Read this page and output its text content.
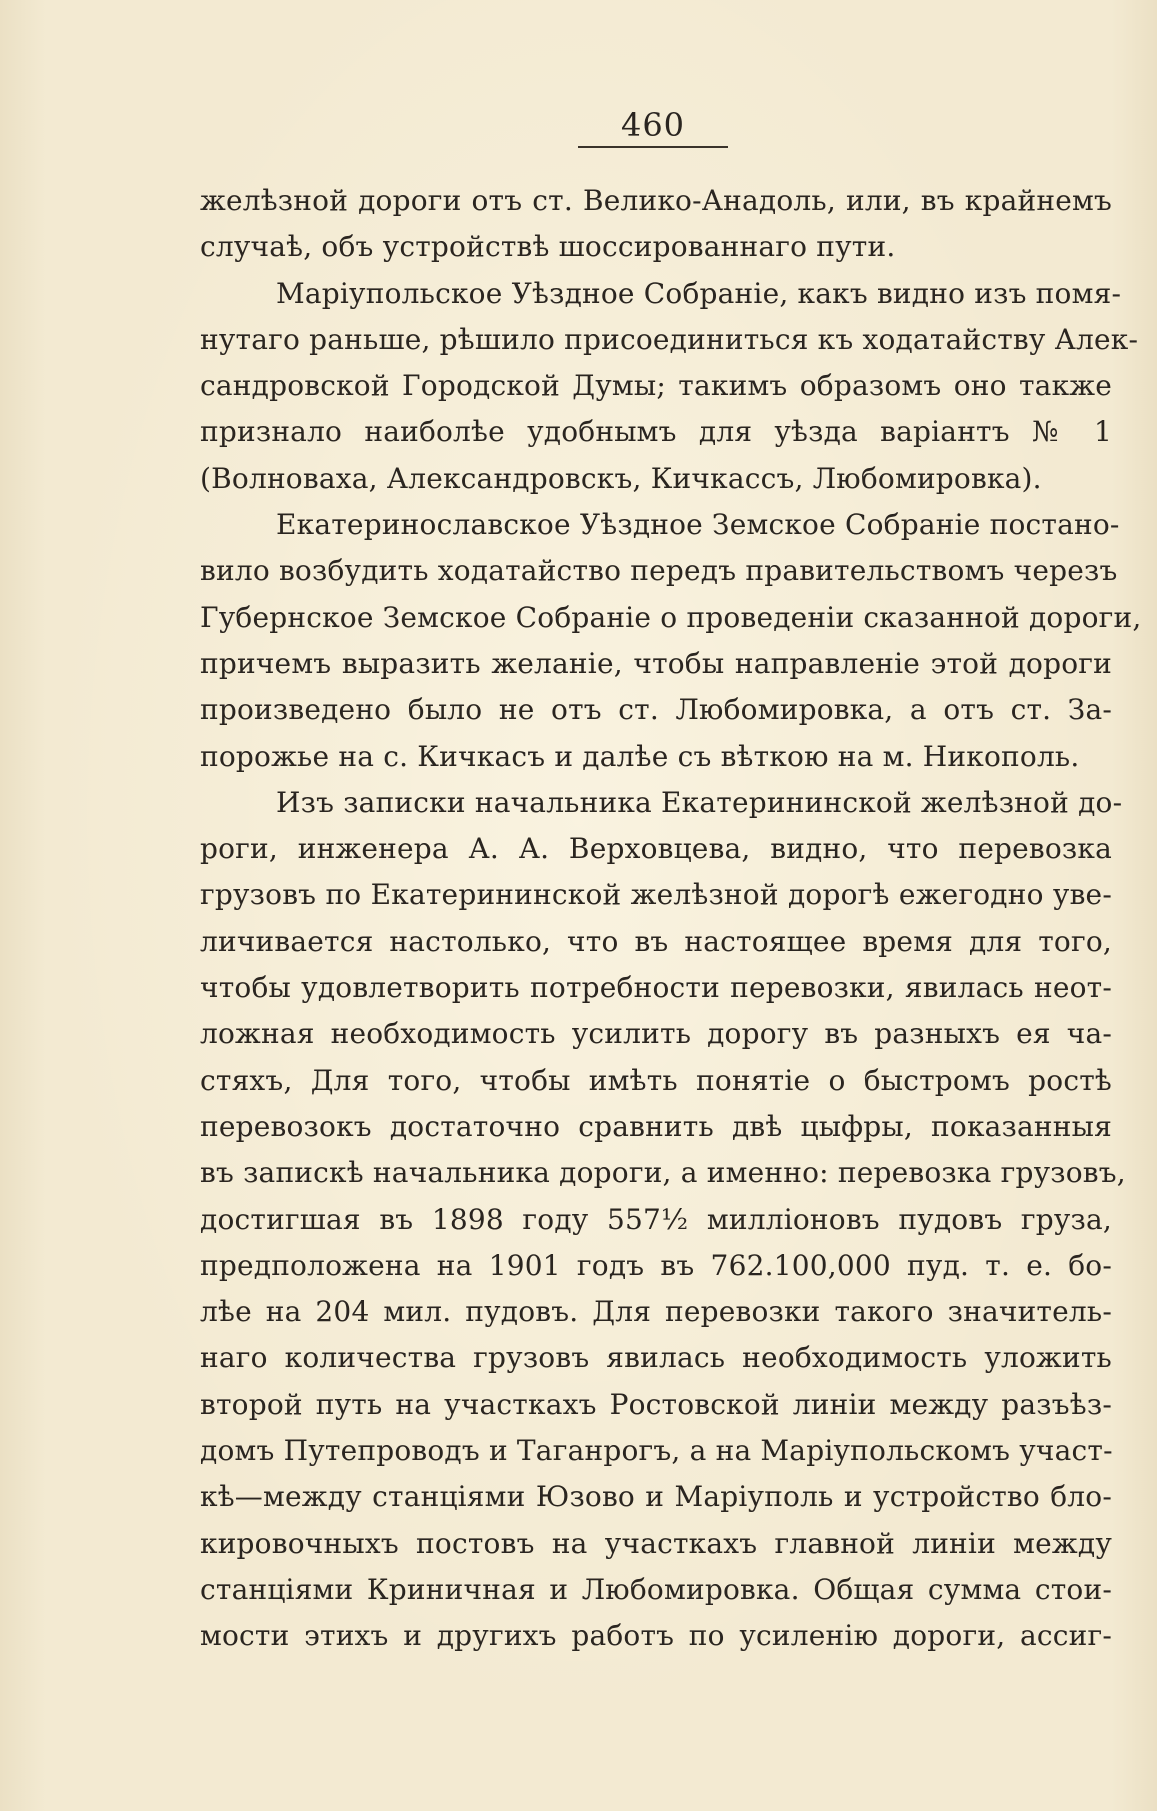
460
желѣзной дороги отъ ст. Велико-Анадоль, или, въ крайнемъ
случаѣ, объ устройствѣ шоссированнаго пути.
Маріупольское Уѣздное Собраніе, какъ видно изъ помя-
нутаго раньше, рѣшило присоединиться къ ходатайству Алек-
сандровской Городской Думы; такимъ образомъ оно также
признало наиболѣе удобнымъ для уѣзда варіантъ № 1
(Волноваха, Александровскъ, Кичкассъ, Любомировка).
Екатеринославское Уѣздное Земское Собраніе постано-
вило возбудить ходатайство передъ правительствомъ черезъ
Губернское Земское Собраніе о проведеніи сказанной дороги,
причемъ выразить желаніе, чтобы направленіе этой дороги
произведено было не отъ ст. Любомировка, а отъ ст. За-
порожье на с. Кичкасъ и далѣе съ вѣткою на м. Никополь.
Изъ записки начальника Екатерининской желѣзной до-
роги, инженера А. А. Верховцева, видно, что перевозка
грузовъ по Екатерининской желѣзной дорогѣ ежегодно уве-
личивается настолько, что въ настоящее время для того,
чтобы удовлетворить потребности перевозки, явилась неот-
ложная необходимость усилить дорогу въ разныхъ ея ча-
стяхъ, Для того, чтобы имѣть понятіе о быстромъ ростѣ
перевозокъ достаточно сравнить двѣ цыфры, показанныя
въ запискѣ начальника дороги, а именно: перевозка грузовъ,
достигшая въ 1898 году 557½ милліоновъ пудовъ груза,
предположена на 1901 годъ въ 762.100,000 пуд. т. е. бо-
лѣе на 204 мил. пудовъ. Для перевозки такого значитель-
наго количества грузовъ явилась необходимость уложить
второй путь на участкахъ Ростовской линіи между разъѣз-
домъ Путепроводъ и Таганрогъ, а на Маріупольскомъ участ-
кѣ—между станціями Юзово и Маріуполь и устройство бло-
кировочныхъ постовъ на участкахъ главной линіи между
станціями Криничная и Любомировка. Общая сумма стои-
мости этихъ и другихъ работъ по усиленію дороги, ассиг-
